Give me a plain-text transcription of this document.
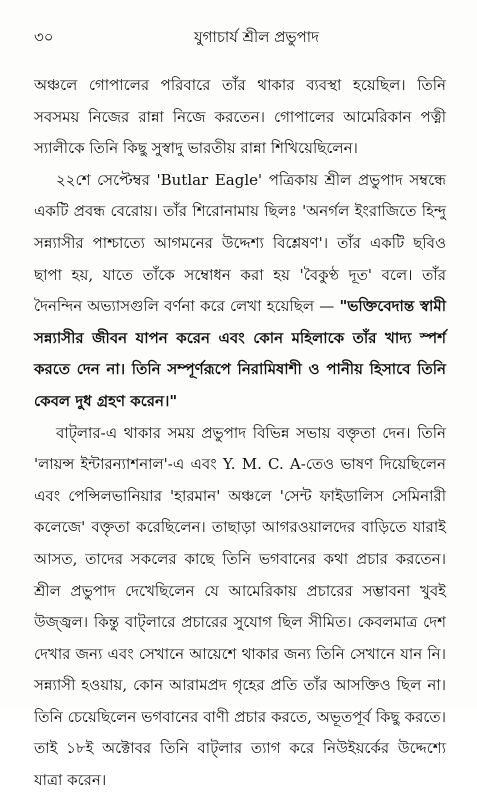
৩০	যুগাচার্য শ্রীল প্রভুপাদ

অঞ্চলে গোপালের পরিবারে তাঁর থাকার ব্যবস্থা হয়েছিল। তিনি সবসময় নিজের রান্না নিজে করতেন। গোপালের আমেরিকান পত্নী স্যালীকে তিনি কিছু সুস্বাদু ভারতীয় রান্না শিখিয়েছিলেন।

২২শে সেপ্টেম্বর 'Butlar Eagle' পত্রিকায় শ্রীল প্রভুপাদ সম্বন্ধে একটি প্রবন্ধ বেরোয়। তাঁর শিরোনামায় ছিলঃ 'অনর্গল ইংরাজিতে হিন্দু সন্ন্যাসীর পাশ্চাত্যে আগমনের উদ্দেশ্য বিশ্লেষণ'। তাঁর একটি ছবিও ছাপা হয়, যাতে তাঁকে সম্বোধন করা হয় 'বৈকুণ্ঠ দূত' বলে। তাঁর দৈনন্দিন অভ্যাসগুলি বর্ণনা করে লেখা হয়েছিল — "ভক্তিবেদান্ত স্বামী সন্ন্যাসীর জীবন যাপন করেন এবং কোন মহিলাকে তাঁর খাদ্য স্পর্শ করতে দেন না। তিনি সম্পূর্ণরূপে নিরামিষাশী ও পানীয় হিসাবে তিনি কেবল দুধ গ্রহণ করেন।"

বাট্‌লার-এ থাকার সময় প্রভুপাদ বিভিন্ন সভায় বক্তৃতা দেন। তিনি 'লায়ন্স ইন্টারন্যাশনাল'-এ এবং Y. M. C. A-তেও ভাষণ দিয়েছিলেন এবং পেন্সিলভানিয়ার 'হারমান' অঞ্চলে 'সেন্ট ফাইডালিস সেমিনারী কলেজে' বক্তৃতা করেছিলেন। তাছাড়া আগরওয়ালদের বাড়িতে যারাই আসত, তাদের সকলের কাছে তিনি ভগবানের কথা প্রচার করতেন। শ্রীল প্রভুপাদ দেখেছিলেন যে আমেরিকায় প্রচারের সম্ভাবনা খুবই উজ্জ্বল। কিন্তু বাট্‌লারে প্রচারের সুযোগ ছিল সীমিত। কেবলমাত্র দেশ দেখার জন্য এবং সেখানে আয়েশে থাকার জন্য তিনি সেখানে যান নি। সন্ন্যাসী হওয়ায়, কোন আরামপ্রদ গৃহের প্রতি তাঁর আসক্তিও ছিল না। তিনি চেয়েছিলেন ভগবানের বাণী প্রচার করতে, অভূতপূর্ব কিছু করতে। তাই ১৮ই অক্টোবর তিনি বাট্‌লার ত্যাগ করে নিউইয়র্কের উদ্দেশ্যে যাত্রা করেন।
